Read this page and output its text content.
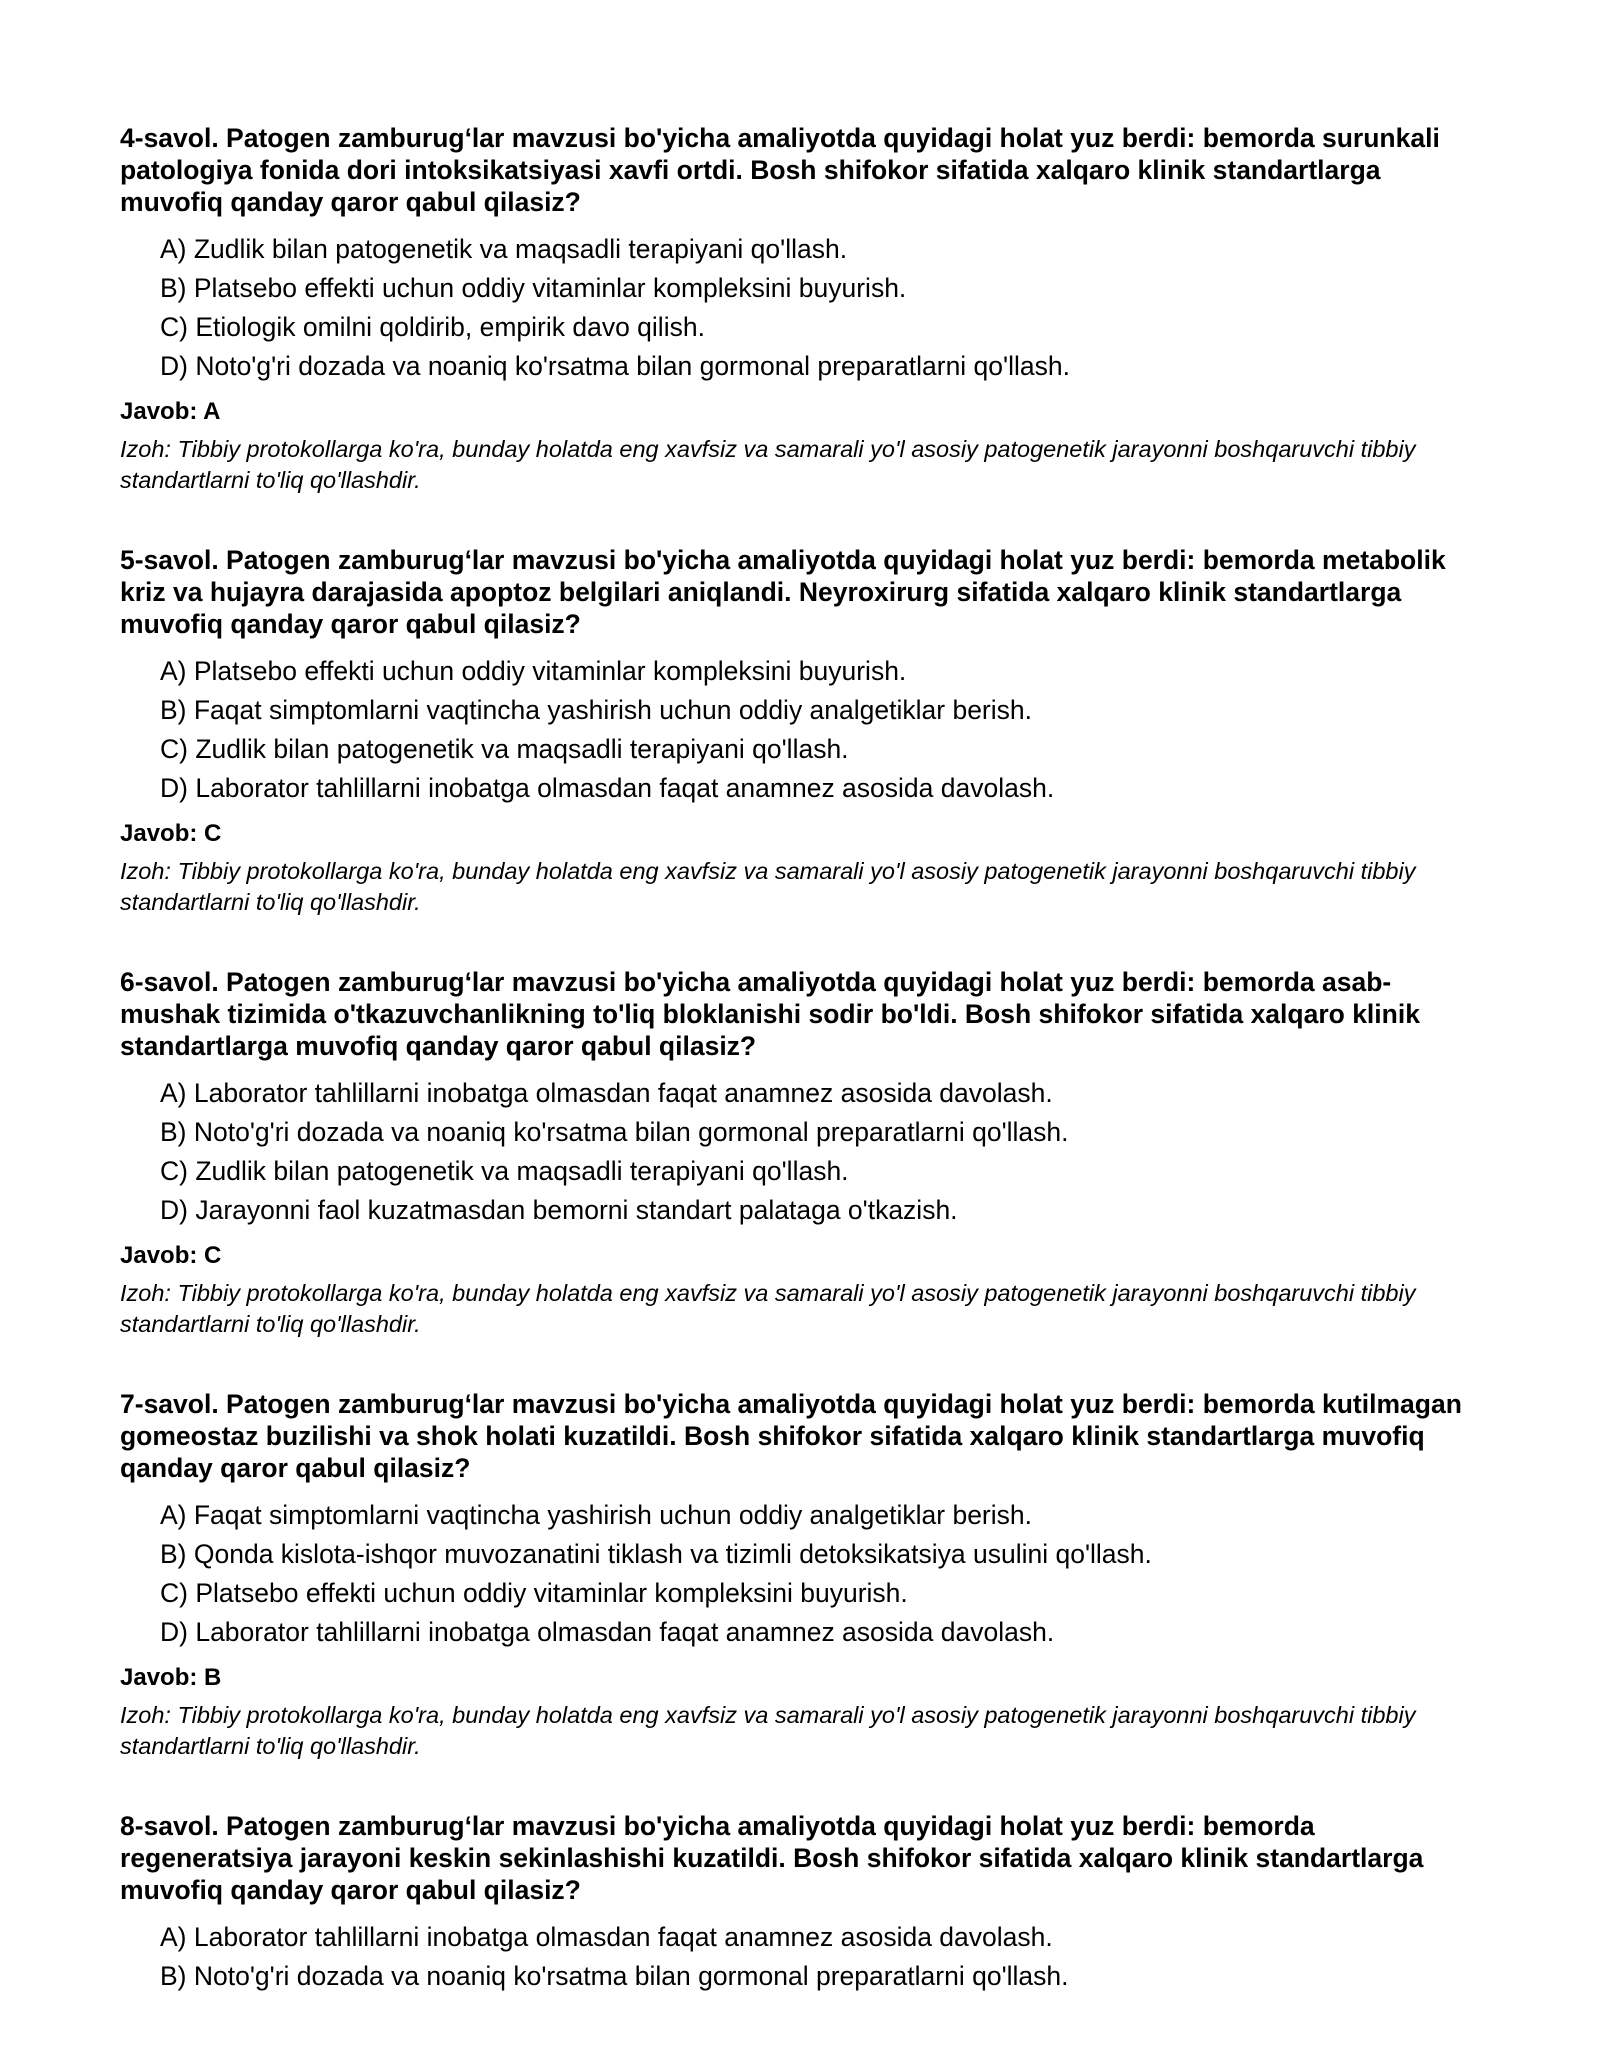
4-savol. Patogen zamburug‘lar mavzusi bo'yicha amaliyotda quyidagi holat yuz berdi: bemorda surunkali patologiya fonida dori intoksikatsiyasi xavfi ortdi. Bosh shifokor sifatida xalqaro klinik standartlarga muvofiq qanday qaror qabul qilasiz?

A) Zudlik bilan patogenetik va maqsadli terapiyani qo'llash.
B) Platsebo effekti uchun oddiy vitaminlar kompleksini buyurish.
C) Etiologik omilni qoldirib, empirik davo qilish.
D) Noto'g'ri dozada va noaniq ko'rsatma bilan gormonal preparatlarni qo'llash.

Javob: A

Izoh: Tibbiy protokollarga ko'ra, bunday holatda eng xavfsiz va samarali yo'l asosiy patogenetik jarayonni boshqaruvchi tibbiy standartlarni to'liq qo'llashdir.

5-savol. Patogen zamburug‘lar mavzusi bo'yicha amaliyotda quyidagi holat yuz berdi: bemorda metabolik kriz va hujayra darajasida apoptoz belgilari aniqlandi. Neyroxirurg sifatida xalqaro klinik standartlarga muvofiq qanday qaror qabul qilasiz?

A) Platsebo effekti uchun oddiy vitaminlar kompleksini buyurish.
B) Faqat simptomlarni vaqtincha yashirish uchun oddiy analgetiklar berish.
C) Zudlik bilan patogenetik va maqsadli terapiyani qo'llash.
D) Laborator tahlillarni inobatga olmasdan faqat anamnez asosida davolash.

Javob: C

Izoh: Tibbiy protokollarga ko'ra, bunday holatda eng xavfsiz va samarali yo'l asosiy patogenetik jarayonni boshqaruvchi tibbiy standartlarni to'liq qo'llashdir.

6-savol. Patogen zamburug‘lar mavzusi bo'yicha amaliyotda quyidagi holat yuz berdi: bemorda asab-mushak tizimida o'tkazuvchanlikning to'liq bloklanishi sodir bo'ldi. Bosh shifokor sifatida xalqaro klinik standartlarga muvofiq qanday qaror qabul qilasiz?

A) Laborator tahlillarni inobatga olmasdan faqat anamnez asosida davolash.
B) Noto'g'ri dozada va noaniq ko'rsatma bilan gormonal preparatlarni qo'llash.
C) Zudlik bilan patogenetik va maqsadli terapiyani qo'llash.
D) Jarayonni faol kuzatmasdan bemorni standart palataga o'tkazish.

Javob: C

Izoh: Tibbiy protokollarga ko'ra, bunday holatda eng xavfsiz va samarali yo'l asosiy patogenetik jarayonni boshqaruvchi tibbiy standartlarni to'liq qo'llashdir.

7-savol. Patogen zamburug‘lar mavzusi bo'yicha amaliyotda quyidagi holat yuz berdi: bemorda kutilmagan gomeostaz buzilishi va shok holati kuzatildi. Bosh shifokor sifatida xalqaro klinik standartlarga muvofiq qanday qaror qabul qilasiz?

A) Faqat simptomlarni vaqtincha yashirish uchun oddiy analgetiklar berish.
B) Qonda kislota-ishqor muvozanatini tiklash va tizimli detoksikatsiya usulini qo'llash.
C) Platsebo effekti uchun oddiy vitaminlar kompleksini buyurish.
D) Laborator tahlillarni inobatga olmasdan faqat anamnez asosida davolash.

Javob: B

Izoh: Tibbiy protokollarga ko'ra, bunday holatda eng xavfsiz va samarali yo'l asosiy patogenetik jarayonni boshqaruvchi tibbiy standartlarni to'liq qo'llashdir.

8-savol. Patogen zamburug‘lar mavzusi bo'yicha amaliyotda quyidagi holat yuz berdi: bemorda regeneratsiya jarayoni keskin sekinlashishi kuzatildi. Bosh shifokor sifatida xalqaro klinik standartlarga muvofiq qanday qaror qabul qilasiz?

A) Laborator tahlillarni inobatga olmasdan faqat anamnez asosida davolash.
B) Noto'g'ri dozada va noaniq ko'rsatma bilan gormonal preparatlarni qo'llash.
